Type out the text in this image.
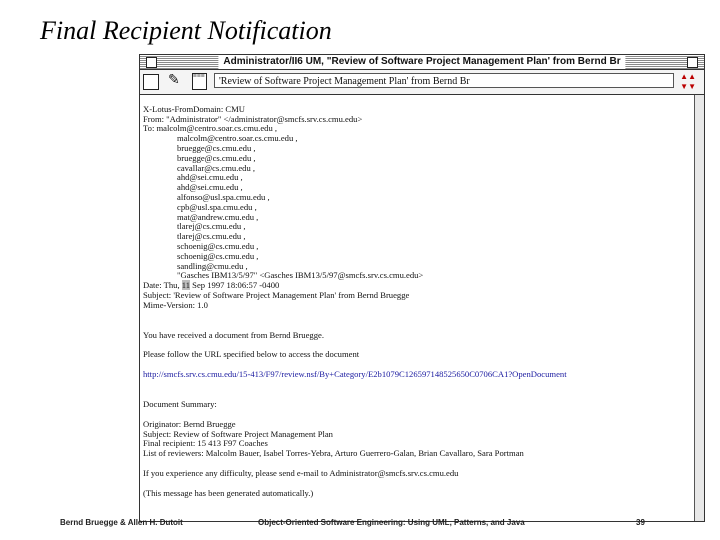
Final Recipient Notification
Administrator/II6 UM, "Review of Software Project Management Plan' from Bernd Br
✎ ≡≡≡	'Review of Software Project Management Plan' from Bernd Br	▲▲
▼▼

X-Lotus-FromDomain: CMU
From: "Administrator" </administrator@smcfs.srv.cs.cmu.edu>
To: malcolm@centro.soar.cs.cmu.edu ,
malcolm@centro.soar.cs.cmu.edu ,
bruegge@cs.cmu.edu ,
bruegge@cs.cmu.edu ,
cavallar@cs.cmu.edu ,
ahd@sei.cmu.edu ,
ahd@sei.cmu.edu ,
alfonso@usl.spa.cmu.edu ,
cpb@usl.spa.cmu.edu ,
mat@andrew.cmu.edu ,
tlarej@cs.cmu.edu ,
tlarej@cs.cmu.edu ,
schoenig@cs.cmu.edu ,
schoenig@cs.cmu.edu ,
sandling@cmu.edu ,
"Gasches IBM13/5/97" <Gasches IBM13/5/97@smcfs.srv.cs.cmu.edu>
Date: Thu, 11 Sep 1997 18:06:57 -0400
Subject: 'Review of Software Project Management Plan' from Bernd Bruegge
Mime-Version: 1.0
You have received a document from Bernd Bruegge.
Please follow the URL specified below to access the document
http://smcfs.srv.cs.cmu.edu/15-413/F97/review.nsf/By+Category/E2b1079C126597148525650C0706CA1?OpenDocument
Document Summary:
Originator: Bernd Bruegge
Subject: Review of Software Project Management Plan
Final recipient: 15 413 F97 Coaches
List of reviewers: Malcolm Bauer, Isabel Torres-Yebra, Arturo Guerrero-Galan, Brian Cavallaro, Sara Portman
If you experience any difficulty, please send e-mail to Administrator@smcfs.srv.cs.cmu.edu
(This message has been generated automatically.)

Bernd Bruegge & Allen H. Dutoit	Object-Oriented Software Engineering: Using UML, Patterns, and Java	39
